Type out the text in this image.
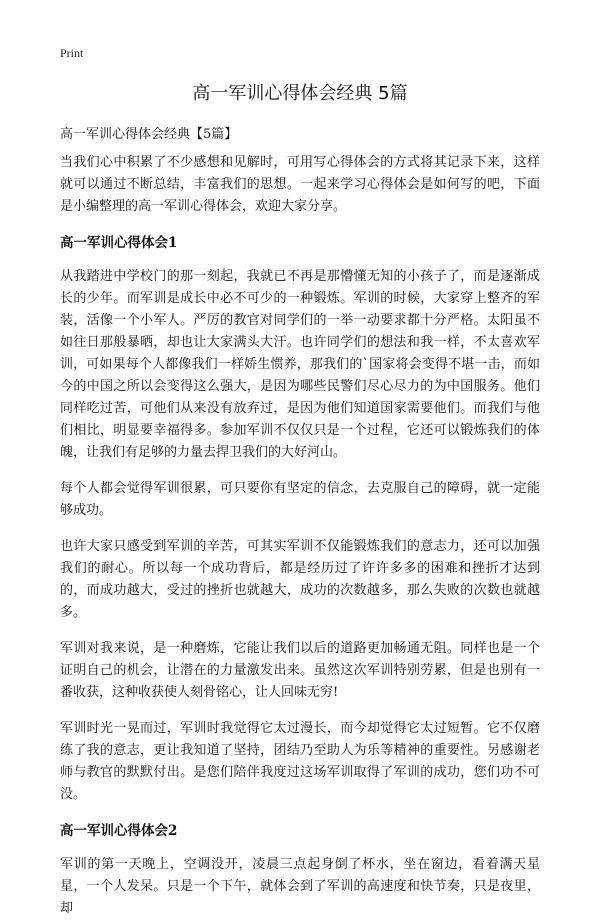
Print
高一军训心得体会经典 5篇

高一军训心得体会经典【5篇】

当我们心中积累了不少感想和见解时，可用写心得体会的方式将其记录下来，这样就可以通过不断总结，丰富我们的思想。一起来学习心得体会是如何写的吧，下面是小编整理的高一军训心得体会，欢迎大家分享。

高一军训心得体会1

从我踏进中学校门的那一刻起，我就已不再是那懵懂无知的小孩子了，而是逐渐成长的少年。而军训是成长中必不可少的一种锻炼。军训的时候，大家穿上整齐的军装，活像一个小军人。严厉的教官对同学们的一举一动要求都十分严格。太阳虽不如往日那般暴晒，却也让大家满头大汗。也许同学们的想法和我一样，不太喜欢军训，可如果每个人都像我们一样娇生惯养，那我们的`国家将会变得不堪一击，而如今的中国之所以会变得这么强大，是因为哪些民警们尽心尽力的为中国服务。他们同样吃过苦，可他们从来没有放弃过，是因为他们知道国家需要他们。而我们与他们相比，明显要幸福得多。参加军训不仅仅只是一个过程，它还可以锻炼我们的体魄，让我们有足够的力量去捍卫我们的大好河山。

每个人都会觉得军训很累，可只要你有坚定的信念，去克服自己的障碍，就一定能够成功。

也许大家只感受到军训的辛苦，可其实军训不仅能锻炼我们的意志力，还可以加强我们的耐心。所以每一个成功背后，都是经历过了许许多多的困难和挫折才达到的，而成功越大，受过的挫折也就越大，成功的次数越多，那么失败的次数也就越多。

军训对我来说，是一种磨炼，它能让我们以后的道路更加畅通无阻。同样也是一个证明自己的机会，让潜在的力量激发出来。虽然这次军训特别劳累，但是也别有一番收获，这种收获使人刻骨铭心，让人回味无穷!

军训时光一晃而过，军训时我觉得它太过漫长，而今却觉得它太过短暂。它不仅磨练了我的意志，更让我知道了坚持，团结乃至助人为乐等精神的重要性。另感谢老师与教官的默默付出。是您们陪伴我度过这场军训取得了军训的成功，您们功不可没。

高一军训心得体会2

军训的第一天晚上，空调没开，凌晨三点起身倒了杯水，坐在窗边，看着满天星星，一个人发呆。只是一个下午，就体会到了军训的高速度和快节奏，只是夜里，却
